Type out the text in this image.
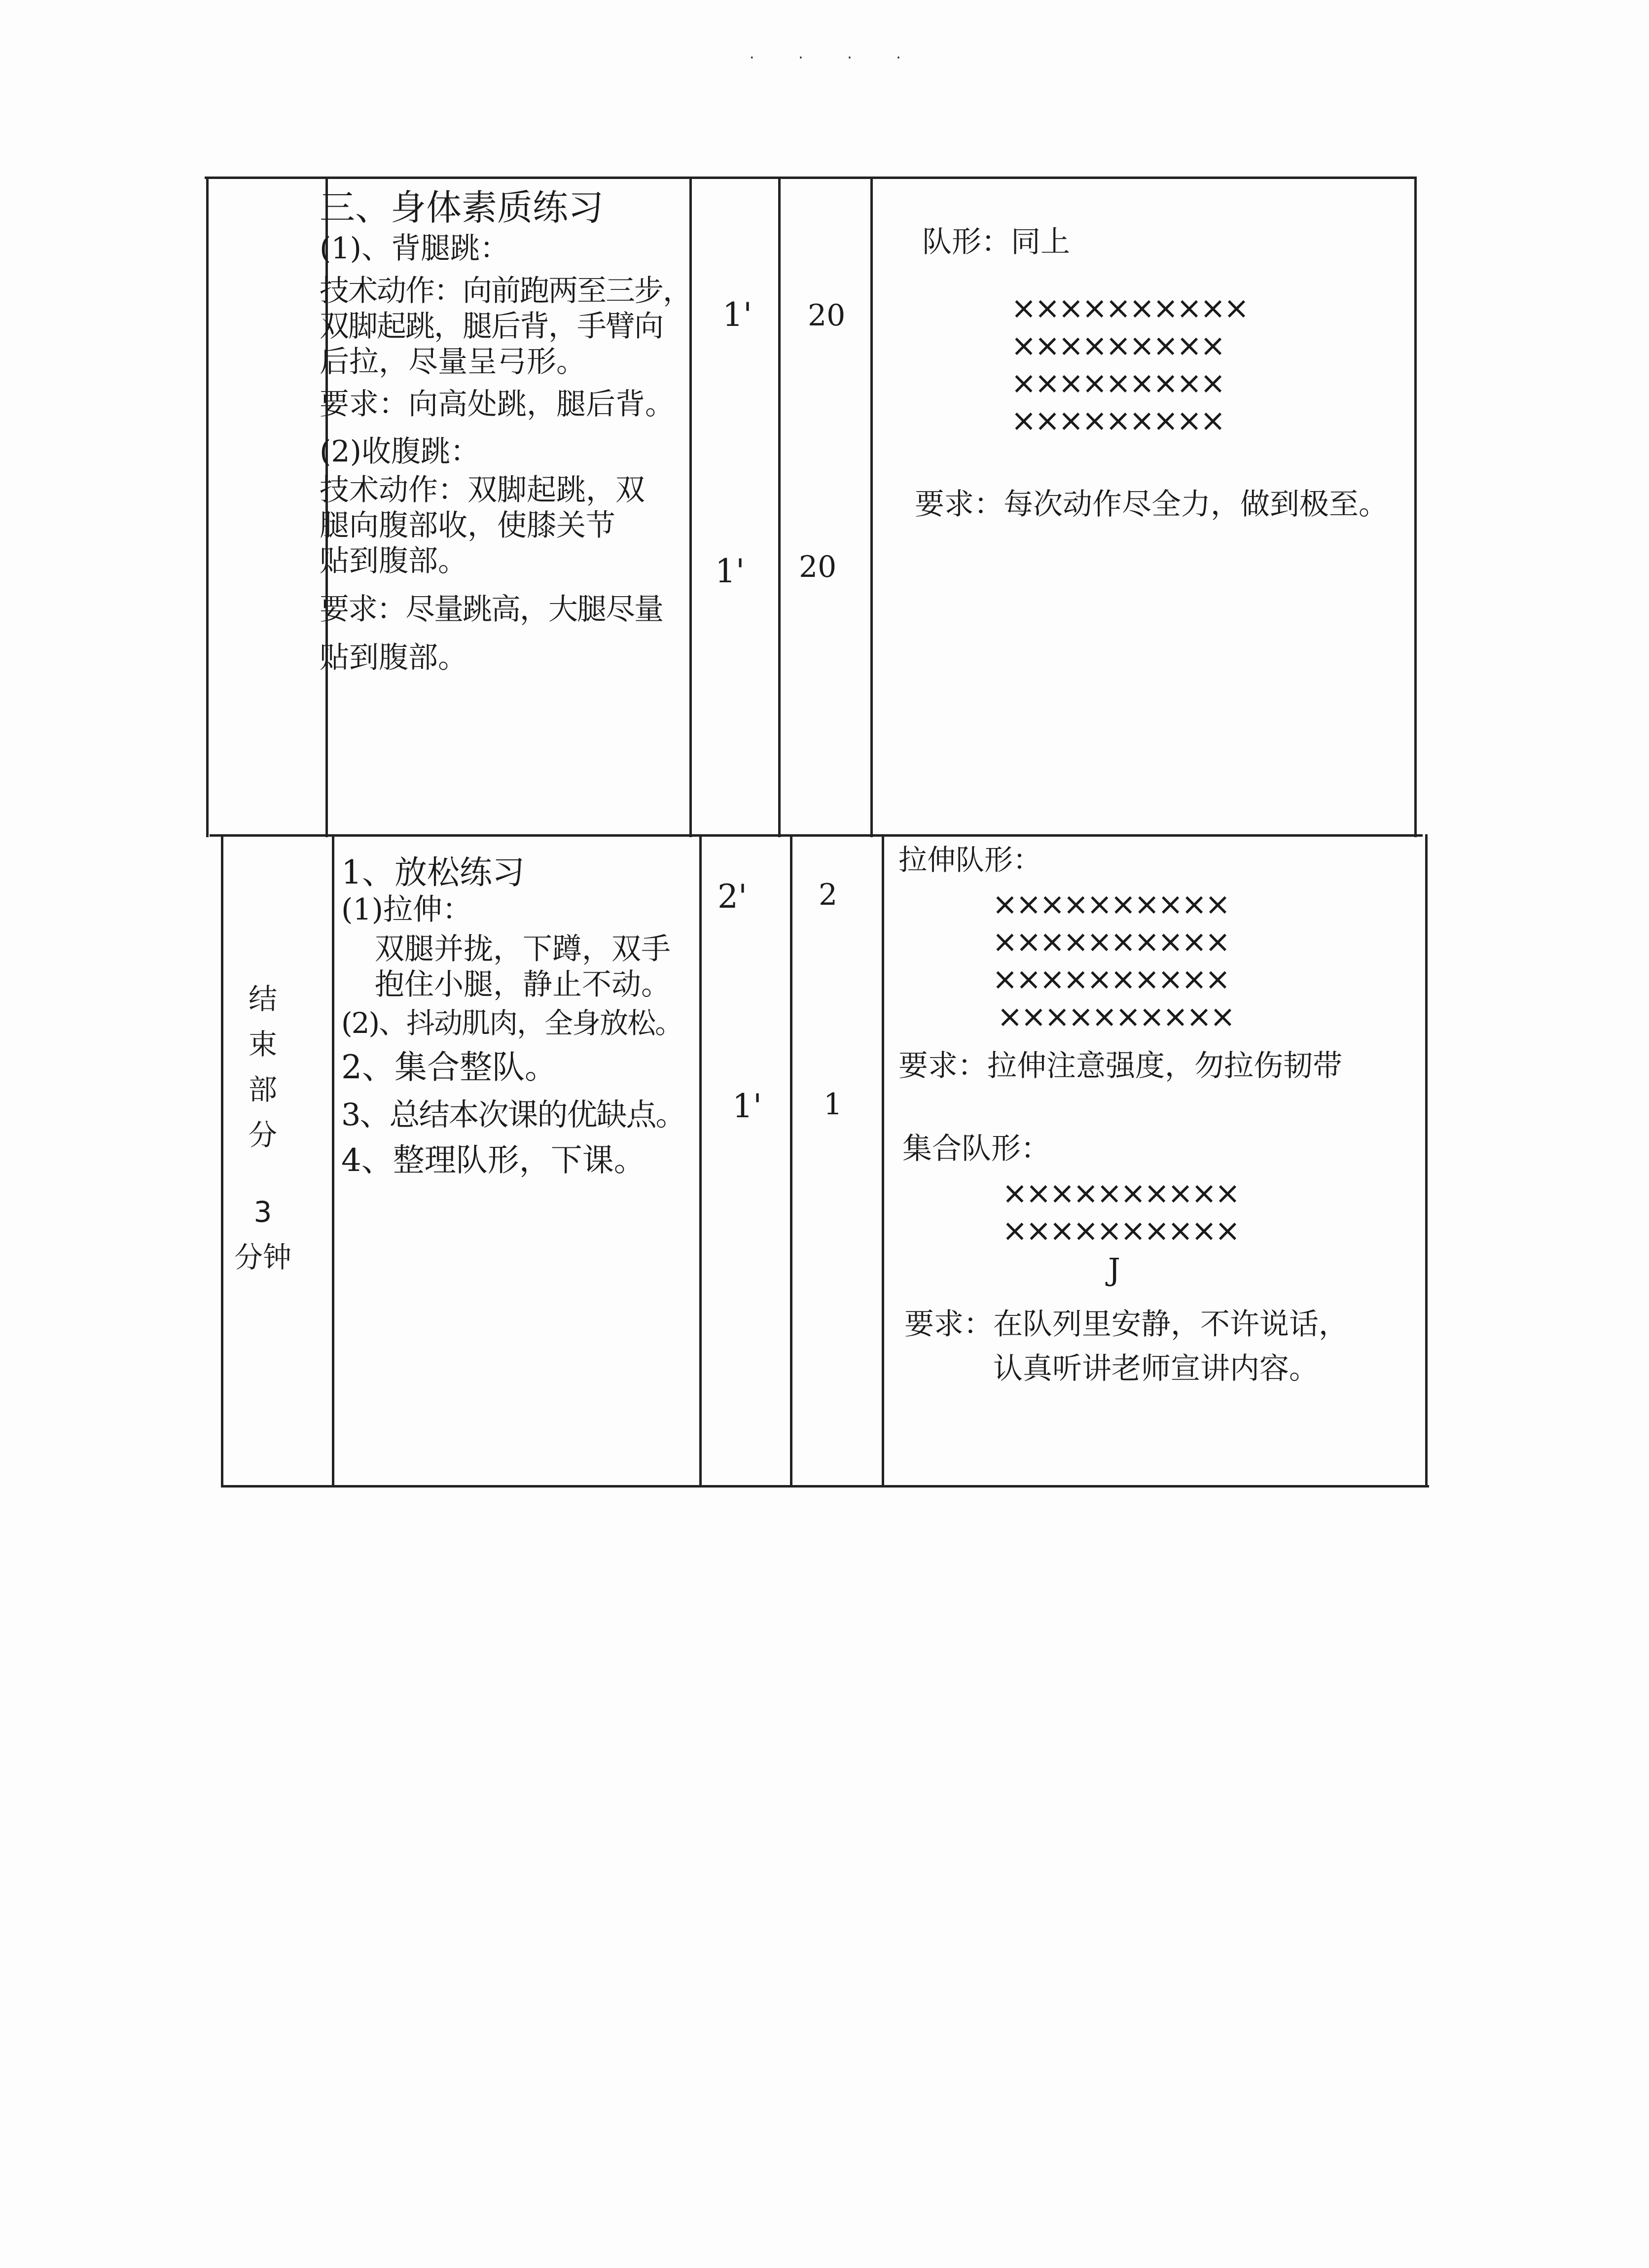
· · · ·
三、身体素质练习
(1)、背腿跳：
技术动作：向前跑两至三步，
双脚起跳，腿后背，手臂向
后拉，尽量呈弓形。
要求：向高处跳，腿后背。
(2)收腹跳：
技术动作：双脚起跳，双
腿向腹部收，使膝关节
贴到腹部。
要求：尽量跳高，大腿尽量
贴到腹部。
1' 20
1' 20
队形：同上
××××××××××
×××××××××
×××××××××
×××××××××
要求：每次动作尽全力，做到极至。
结
束
部
分
3
分钟
1、放松练习
(1)拉伸：
双腿并拢，下蹲，双手
抱住小腿，静止不动。
(2)、抖动肌肉，全身放松。
2、集合整队。
3、总结本次课的优缺点。
4、整理队形，下课。
2' 2
1' 1
拉伸队形：
××××××××××
××××××××××
××××××××××
××××××××××
要求：拉伸注意强度，勿拉伤韧带
集合队形：
××××××××××
××××××××××
J
要求：在队列里安静，不许说话，
认真听讲老师宣讲内容。
